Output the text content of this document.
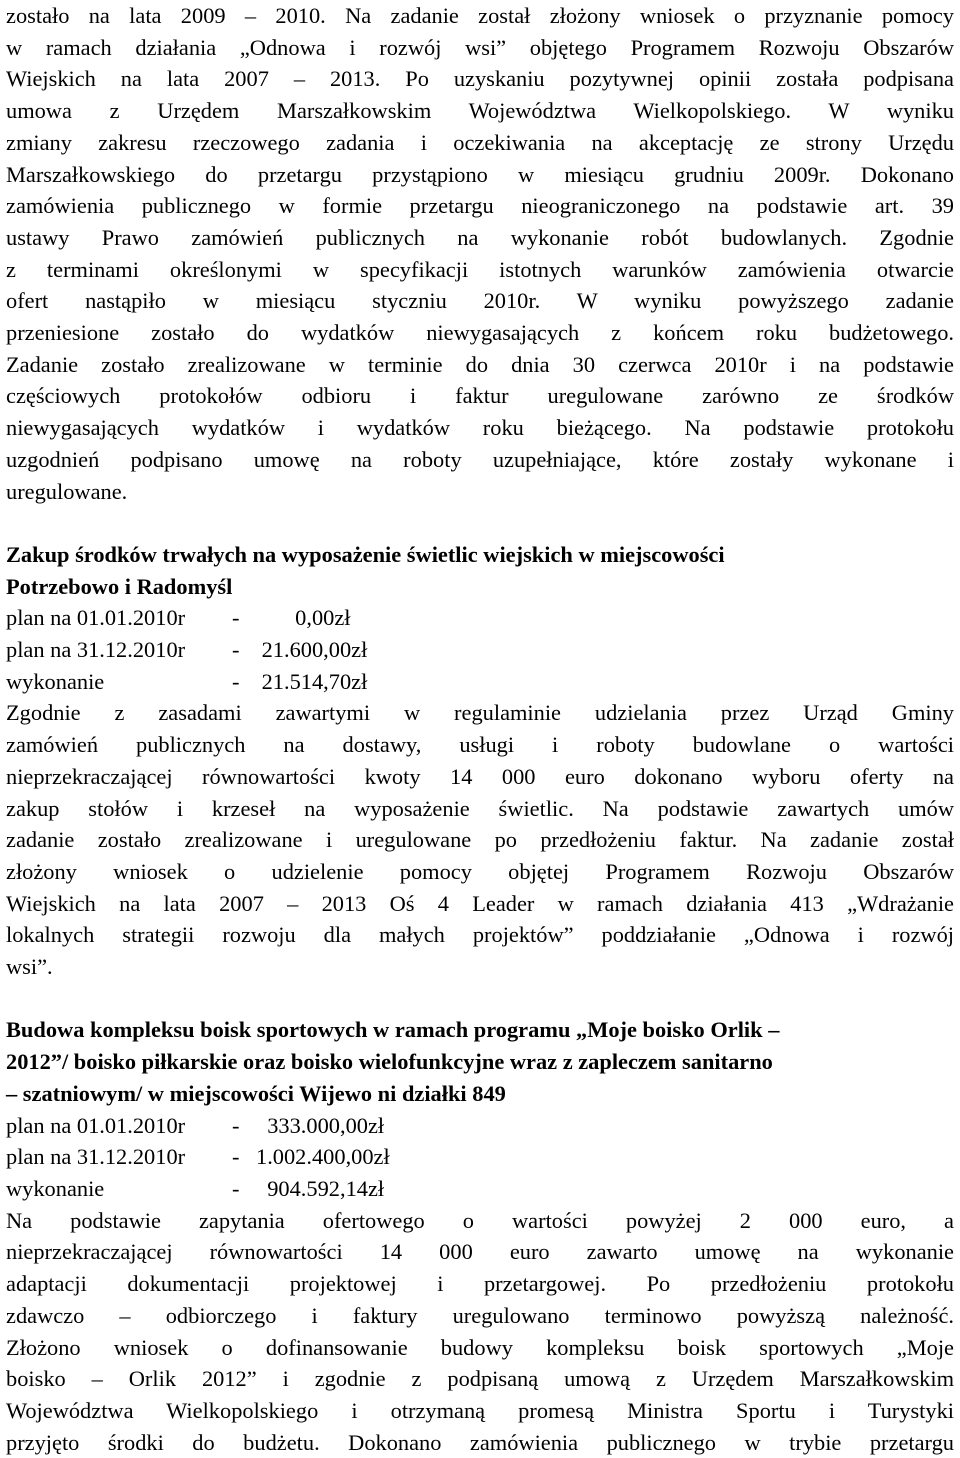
zostało na lata 2009 – 2010. Na zadanie został złożony wniosek o przyznanie pomocy
w ramach działania „Odnowa i rozwój wsi” objętego Programem Rozwoju Obszarów
Wiejskich na lata 2007 – 2013. Po uzyskaniu pozytywnej opinii została podpisana
umowa z Urzędem Marszałkowskim Województwa Wielkopolskiego. W wyniku
zmiany zakresu rzeczowego zadania i oczekiwania na akceptację ze strony Urzędu
Marszałkowskiego do przetargu przystąpiono w miesiącu grudniu 2009r. Dokonano
zamówienia publicznego w formie przetargu nieograniczonego na podstawie art. 39
ustawy Prawo zamówień publicznych na wykonanie robót budowlanych. Zgodnie
z terminami określonymi w specyfikacji istotnych warunków zamówienia otwarcie
ofert nastąpiło w miesiącu styczniu 2010r. W wyniku powyższego zadanie
przeniesione zostało do wydatków niewygasających z końcem roku budżetowego.
Zadanie zostało zrealizowane w terminie do dnia 30 czerwca 2010r i na podstawie
częściowych protokołów odbioru i faktur uregulowane zarówno ze środków
niewygasających wydatków i wydatków roku bieżącego. Na podstawie protokołu
uzgodnień podpisano umowę na roboty uzupełniające, które zostały wykonane i
uregulowane.
Zakup środków trwałych na wyposażenie świetlic wiejskich w miejscowości
Potrzebowo i Radomyśl
plan na 01.01.2010r	- 0,00zł
plan na 31.12.2010r	- 21.600,00zł
wykonanie	- 21.514,70zł
Zgodnie z zasadami zawartymi w regulaminie udzielania przez Urząd Gminy
zamówień publicznych na dostawy, usługi i roboty budowlane o wartości
nieprzekraczającej równowartości kwoty 14 000 euro dokonano wyboru oferty na
zakup stołów i krzeseł na wyposażenie świetlic. Na podstawie zawartych umów
zadanie zostało zrealizowane i uregulowane po przedłożeniu faktur. Na zadanie został
złożony wniosek o udzielenie pomocy objętej Programem Rozwoju Obszarów
Wiejskich na lata 2007 – 2013 Oś 4 Leader w ramach działania 413 „Wdrażanie
lokalnych strategii rozwoju dla małych projektów” poddziałanie „Odnowa i rozwój
wsi”.
Budowa kompleksu boisk sportowych w ramach programu „Moje boisko Orlik –
2012”/ boisko piłkarskie oraz boisko wielofunkcyjne wraz z zapleczem sanitarno
– szatniowym/ w miejscowości Wijewo ni działki 849
plan na 01.01.2010r	- 333.000,00zł
plan na 31.12.2010r	- 1.002.400,00zł
wykonanie	- 904.592,14zł
Na podstawie zapytania ofertowego o wartości powyżej 2 000 euro, a
nieprzekraczającej równowartości 14 000 euro zawarto umowę na wykonanie
adaptacji dokumentacji projektowej i przetargowej. Po przedłożeniu protokołu
zdawczo – odbiorczego i faktury uregulowano terminowo powyższą należność.
Złożono wniosek o dofinansowanie budowy kompleksu boisk sportowych „Moje
boisko – Orlik 2012” i zgodnie z podpisaną umową z Urzędem Marszałkowskim
Województwa Wielkopolskiego i otrzymaną promesą Ministra Sportu i Turystyki
przyjęto środki do budżetu. Dokonano zamówienia publicznego w trybie przetargu
